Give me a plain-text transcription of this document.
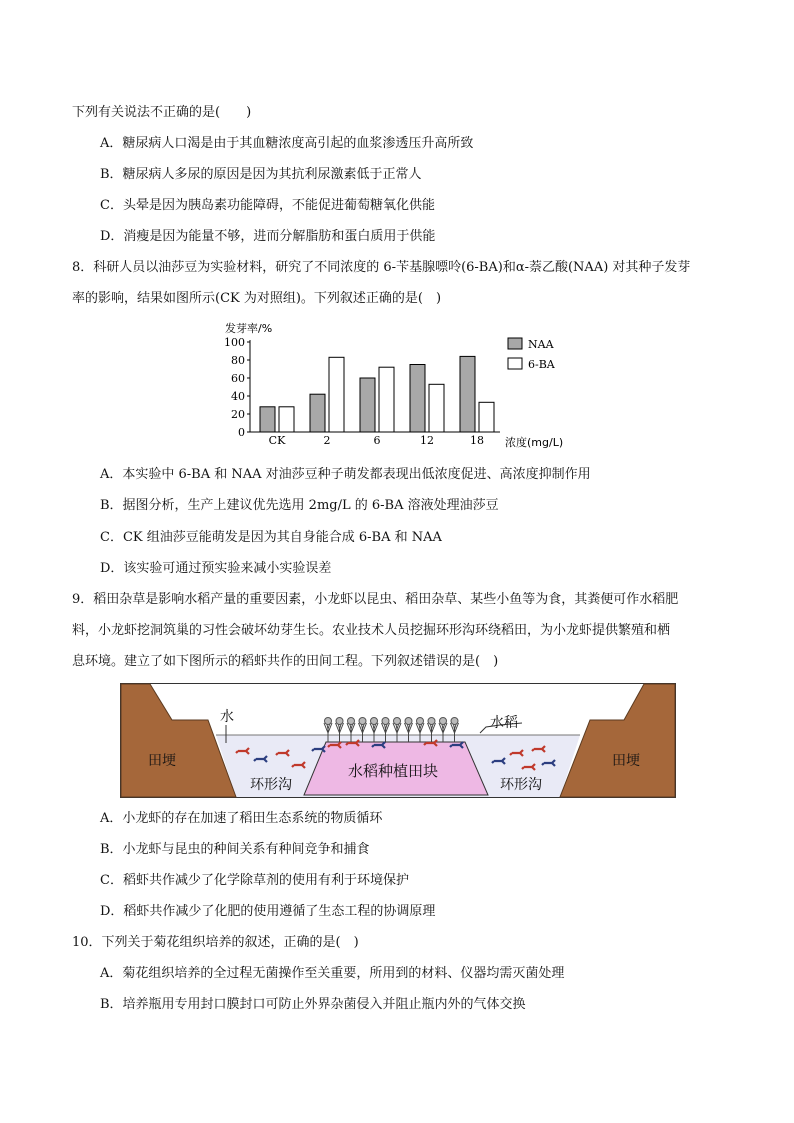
下列有关说法不正确的是(　　)
A．糖尿病人口渴是由于其血糖浓度高引起的血浆渗透压升高所致
B．糖尿病人多尿的原因是因为其抗利尿激素低于正常人
C．头晕是因为胰岛素功能障碍，不能促进葡萄糖氧化供能
D．消瘦是因为能量不够，进而分解脂肪和蛋白质用于供能
8．科研人员以油莎豆为实验材料，研究了不同浓度的 6-苄基腺嘌呤(6-BA)和α-萘乙酸(NAA) 对其种子发芽
率的影响，结果如图所示(CK 为对照组)。下列叙述正确的是(　)
发芽率/%
0
20
40
60
80
100
CK	2	6	12	18
NAA
6-BA
浓度(mg/L)
A．本实验中 6-BA 和 NAA 对油莎豆种子萌发都表现出低浓度促进、高浓度抑制作用
B．据图分析，生产上建议优先选用 2mg/L 的 6-BA 溶液处理油莎豆
C．CK 组油莎豆能萌发是因为其自身能合成 6-BA 和 NAA
D．该实验可通过预实验来减小实验误差
9．稻田杂草是影响水稻产量的重要因素，小龙虾以昆虫、稻田杂草、某些小鱼等为食，其粪便可作水稻肥
料，小龙虾挖洞筑巢的习性会破坏幼芽生长。农业技术人员挖掘环形沟环绕稻田，为小龙虾提供繁殖和栖
息环境。建立了如下图所示的稻虾共作的田间工程。下列叙述错误的是(　)
田埂	田埂
水	水稻
水稻种植田块
环形沟	环形沟
A．小龙虾的存在加速了稻田生态系统的物质循环
B．小龙虾与昆虫的种间关系有种间竞争和捕食
C．稻虾共作减少了化学除草剂的使用有利于环境保护
D．稻虾共作减少了化肥的使用遵循了生态工程的协调原理
10．下列关于菊花组织培养的叙述，正确的是(　)
A．菊花组织培养的全过程无菌操作至关重要，所用到的材料、仪器均需灭菌处理
B．培养瓶用专用封口膜封口可防止外界杂菌侵入并阻止瓶内外的气体交换
